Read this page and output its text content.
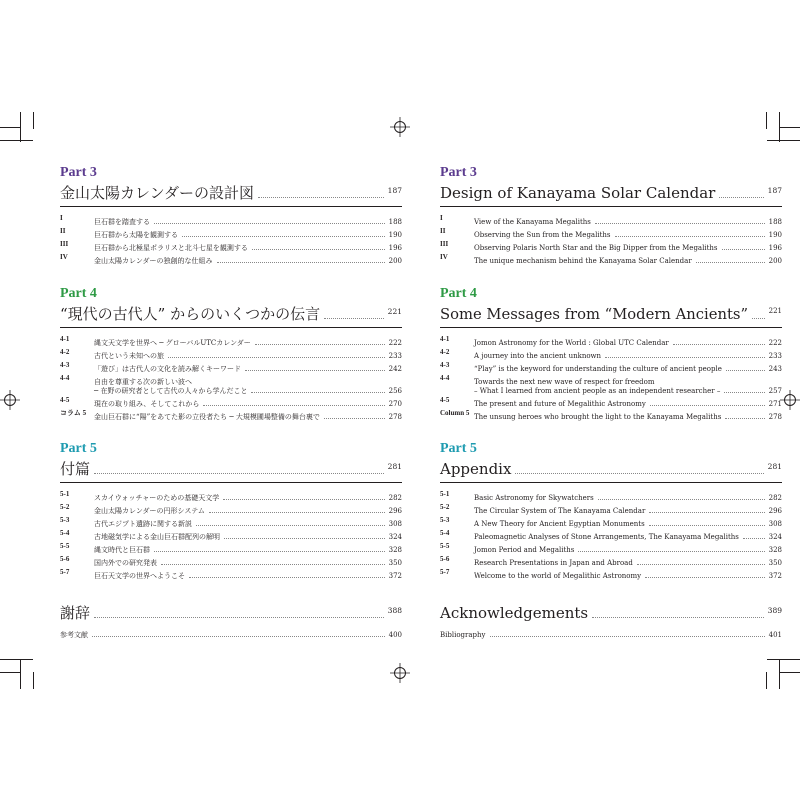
Part 3
金山太陽カレンダーの設計図	187
I	巨石群を踏査する	188
II	巨石群から太陽を観測する	190
III	巨石群から北極星ポラリスと北斗七星を観測する	196
IV	金山太陽カレンダーの独創的な仕組み	200
Part 4
“現代の古代人” からのいくつかの伝言	221
4-1	縄文天文学を世界へ ─ グローバルUTCカレンダー	222
4-2	古代という未知への旅	233
4-3	「遊び」は古代人の文化を読み解くキーワード	242
4-4	自由を尊重する次の新しい波へ
─ 在野の研究者として古代の人々から学んだこと	256
4-5	現在の取り組み、そしてこれから	270
コラム 5	金山巨石群に“陽”をあてた影の立役者たち ─ 大規模圃場整備の舞台裏で	278
Part 5
付篇	281
5-1	スカイウォッチャーのための基礎天文学	282
5-2	金山太陽カレンダーの円形システム	296
5-3	古代エジプト遺跡に関する新説	308
5-4	古地磁気学による金山巨石群配列の解明	324
5-5	縄文時代と巨石群	328
5-6	国内外での研究発表	350
5-7	巨石天文学の世界へようこそ	372
謝辞	388
参考文献	400
Part 3
Design of Kanayama Solar Calendar	187
I	View of the Kanayama Megaliths	188
II	Observing the Sun from the Megaliths	190
III	Observing Polaris North Star and the Big Dipper from the Megaliths	196
IV	The unique mechanism behind the Kanayama Solar Calendar	200
Part 4
Some Messages from “Modern Ancients”	221
4-1	Jomon Astronomy for the World : Global UTC Calendar	222
4-2	A journey into the ancient unknown	233
4-3	“Play” is the keyword for understanding the culture of ancient people	243
4-4	Towards the next new wave of respect for freedom
– What I learned from ancient people as an independent researcher –	257
4-5	The present and future of Megalithic Astronomy	271
Column 5 The unsung heroes who brought the light to the Kanayama Megaliths	278
Part 5
Appendix	281
5-1	Basic Astronomy for Skywatchers	282
5-2	The Circular System of The Kanayama Calendar	296
5-3	A New Theory for Ancient Egyptian Monuments	308
5-4	Paleomagnetic Analyses of Stone Arrangements, The Kanayama Megaliths	324
5-5	Jomon Period and Megaliths	328
5-6	Research Presentations in Japan and Abroad	350
5-7	Welcome to the world of Megalithic Astronomy	372
Acknowledgements	389
Bibliography	401
